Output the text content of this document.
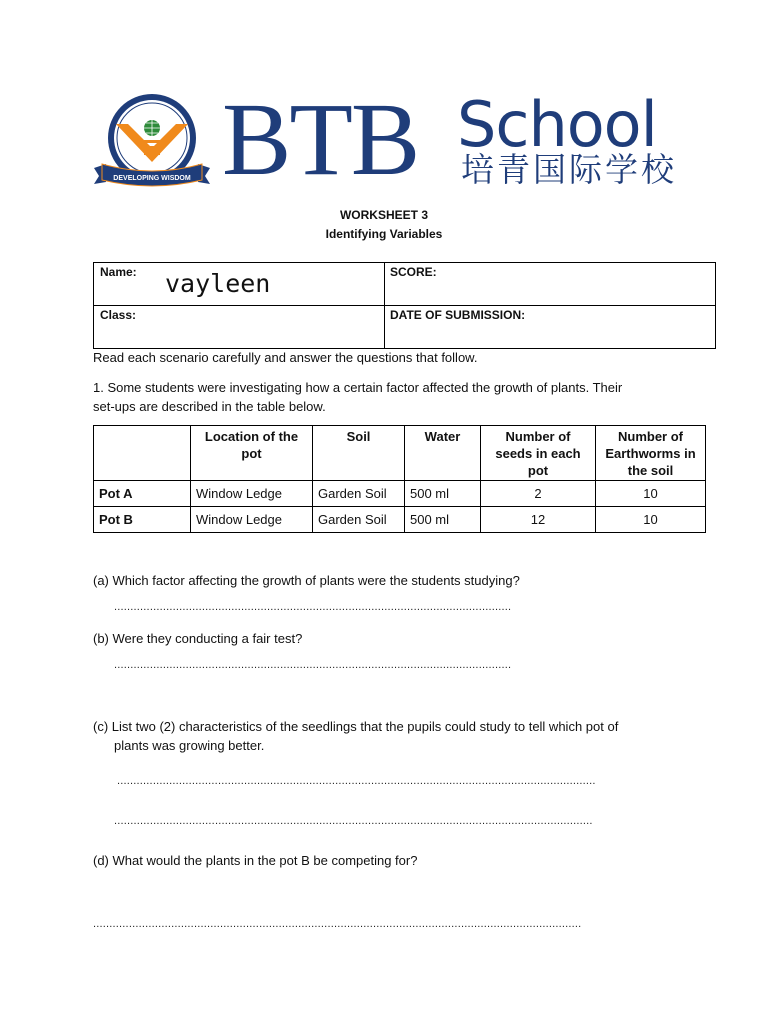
DEVELOPING WISDOM BTB School
培青国际学校
WORKSHEET 3
Identifying Variables
Name: vayleen	SCORE:
Class:	DATE OF SUBMISSION:
Read each scenario carefully and answer the questions that follow.
1. Some students were investigating how a certain factor affected the growth of plants. Their
set-ups are described in the table below.
	Location of the pot	Soil	Water	Number of seeds in each pot	Number of Earthworms in the soil
Pot A	Window Ledge	Garden Soil	500 ml	2	10
Pot B	Window Ledge	Garden Soil	500 ml	12	10
(a) Which factor affecting the growth of plants were the students studying?
..........................................................................................................................
(b) Were they conducting a fair test?
..........................................................................................................................
(c) List two (2) characteristics of the seedlings that the pupils could study to tell which pot of
plants was growing better.
...................................................................................................................................................
...................................................................................................................................................
(d) What would the plants in the pot B be competing for?
......................................................................................................................................................
